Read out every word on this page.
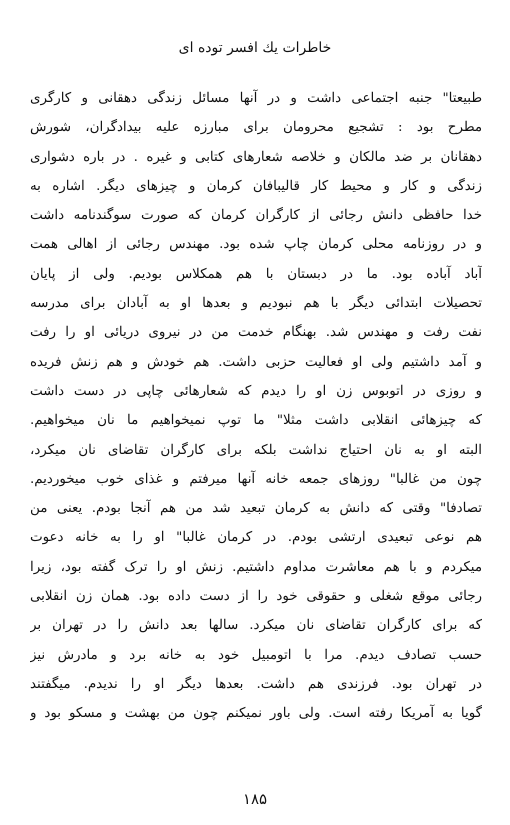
خاطرات یك افسر توده ای
طبیعتا" جنبه اجتماعی داشت و در آنها مسائل زندگی دهقانی و کارگری
مطرح بود : تشجیع محرومان برای مبارزه علیه بیدادگران، شورش
دهقانان بر ضد مالکان و خلاصه شعارهای کتابی و غیره . در باره دشواری
زندگی و کار و محیط کار قالیبافان کرمان و چیزهای دیگر. اشاره به
خدا حافظی دانش رجائی از کارگران کرمان که صورت سوگندنامه داشت
و در روزنامه محلی کرمان چاپ شده بود. مهندس رجائی از اهالی همت
آباد آباده بود. ما در دبستان با هم همکلاس بودیم. ولی از پایان
تحصیلات ابتدائی دیگر با هم نبودیم و بعدها او به آبادان برای مدرسه
نفت رفت و مهندس شد. بهنگام خدمت من در نیروی دریائی او را رفت
و آمد داشتیم ولی او فعالیت حزبی داشت. هم خودش و هم زنش فریده
و روزی در اتوبوس زن او را دیدم که شعارهائی چاپی در دست داشت
که چیزهائی انقلابی داشت مثلا" ما توپ نمیخواهیم ما نان میخواهیم.
البته او به نان احتیاج نداشت بلکه برای کارگران تقاضای نان میکرد،
چون من غالبا" روزهای جمعه خانه آنها میرفتم و غذای خوب میخوردیم.
تصادفا" وقتی که دانش به کرمان تبعید شد من هم آنجا بودم. یعنی من
هم نوعی تبعیدی ارتشی بودم. در کرمان غالبا" او را به خانه دعوت
میکردم و با هم معاشرت مداوم داشتیم. زنش او را ترک گفته بود، زیرا
رجائی موقع شغلی و حقوقی خود را از دست داده بود. همان زن انقلابی
که برای کارگران تقاضای نان میکرد. سالها بعد دانش را در تهران بر
حسب تصادف دیدم. مرا با اتومبیل خود به خانه برد و مادرش نیز
در تهران بود. فرزندی هم داشت. بعدها دیگر او را ندیدم. میگفتند
گویا به آمریکا رفته است. ولی باور نمیکنم چون من بهشت و مسکو بود و
۱۸۵
